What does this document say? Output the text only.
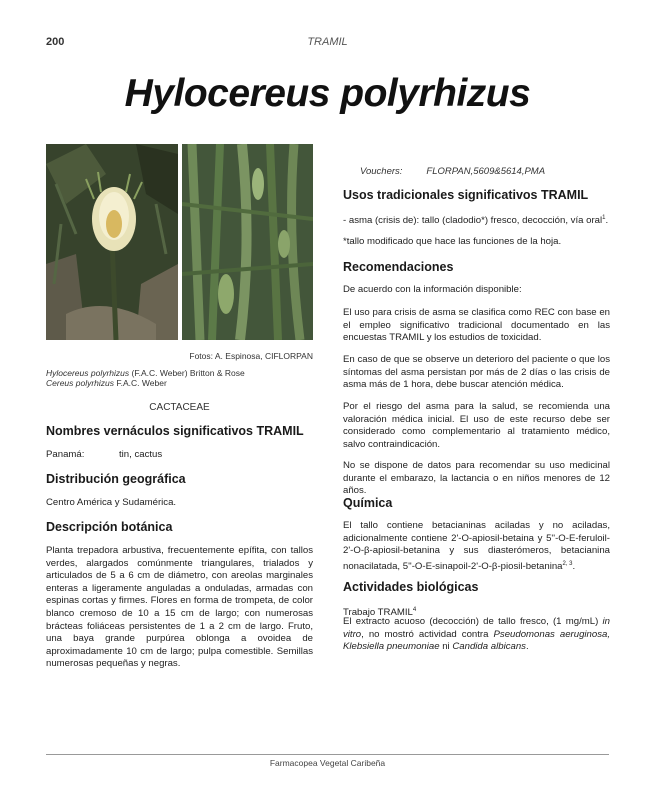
200	TRAMIL
Hylocereus polyrhizus
Fotos: A. Espinosa, CIFLORPAN
Hylocereus polyrhizus (F.A.C. Weber) Britton & Rose
Cereus polyrhizus F.A.C. Weber
CACTACEAE
Nombres vernáculos significativos TRAMIL
Panamá:	tin, cactus
Distribución geográfica
Centro América y Sudamérica.
Descripción botánica
Planta trepadora arbustiva, frecuentemente epífita, con tallos verdes, alargados comúnmente triangulares, trialados y articulados de 5 a 6 cm de diámetro, con areolas marginales enteras a ligeramente anguladas a onduladas, armadas con espinas cortas y firmes. Flores en forma de trompeta, de color blanco cremoso de 10 a 15 cm de largo; con numerosas brácteas foliáceas persistentes de 1 a 2 cm de largo. Fruto, una baya grande purpúrea oblonga a ovoidea de aproximadamente 10 cm de largo; pulpa comestible. Semillas numerosas pequeñas y negras.
Vouchers:	FLORPAN,5609&5614,PMA
Usos tradicionales significativos TRAMIL
- asma (crisis de): tallo (cladodio*) fresco, decocción, vía oral$^1$.
*tallo modificado que hace las funciones de la hoja.
Recomendaciones
De acuerdo con la información disponible:
El uso para crisis de asma se clasifica como REC con base en el empleo significativo tradicional documentado en las encuestas TRAMIL y los estudios de toxicidad.
En caso de que se observe un deterioro del paciente o que los síntomas del asma persistan por más de 2 días o las crisis de asma más de 1 hora, debe buscar atención médica.
Por el riesgo del asma para la salud, se recomienda una valoración médica inicial. El uso de este recurso debe ser considerado como complementario al tratamiento médico, salvo contraindicación.
No se dispone de datos para recomendar su uso medicinal durante el embarazo, la lactancia o en niños menores de 12 años.
Química
El tallo contiene betacianinas aciladas y no aciladas, adicionalmente contiene 2'-O-apiosil-betaina y 5''-O-E-feruloil-2'-O-β-apiosil-betanina y sus diasterómeros, betacianina nonacilatada, 5''-O-E-sinapoil-2'-O-β-piosil-betanina$^{2, 3}$.
Actividades biológicas
Trabajo TRAMIL$^4$
El extracto acuoso (decocción) de tallo fresco, (1 mg/mL) in vitro, no mostró actividad contra Pseudomonas aeruginosa, Klebsiella pneumoniae ni Candida albicans.
Farmacopea Vegetal Caribeña
